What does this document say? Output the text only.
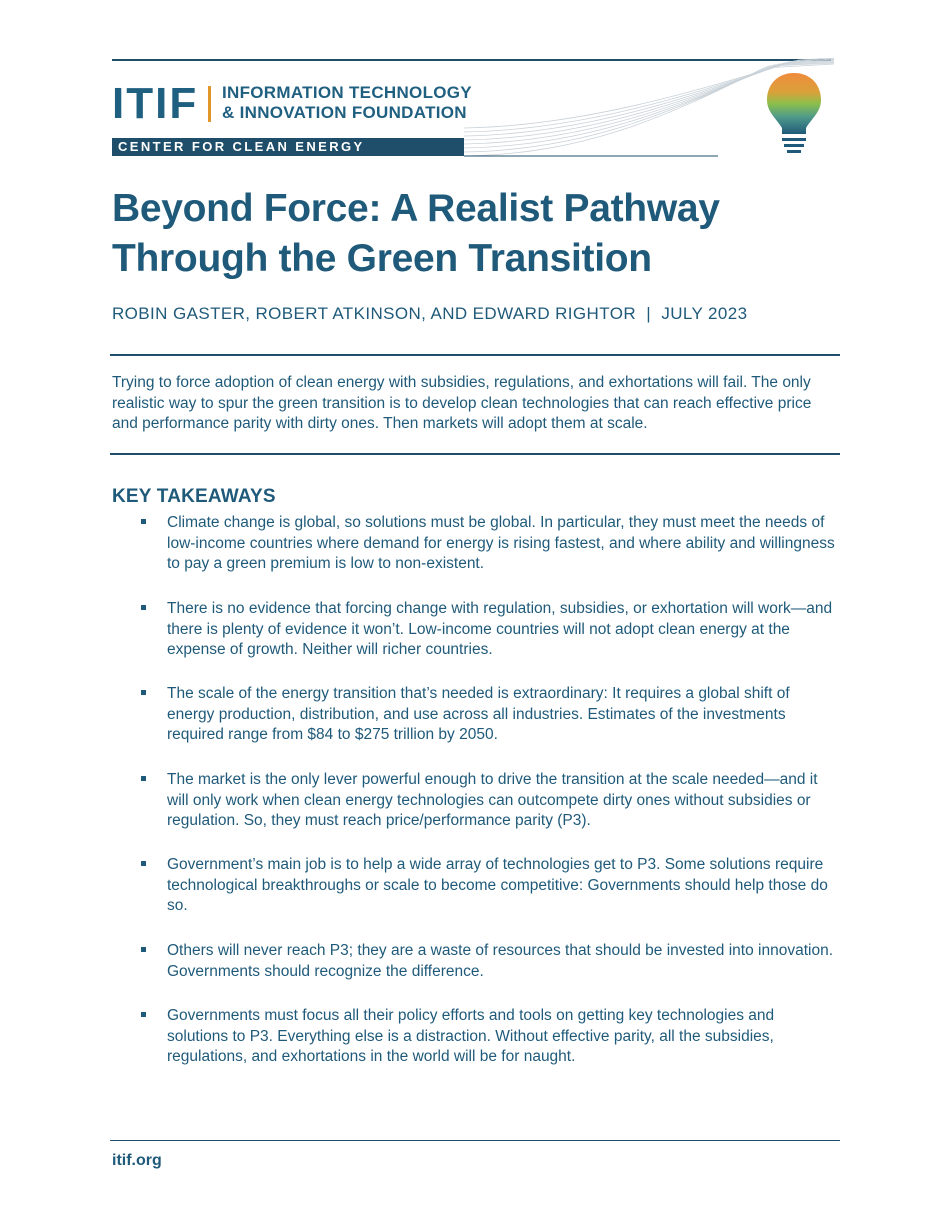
ITIF INFORMATION TECHNOLOGY
& INNOVATION FOUNDATION
CENTER FOR CLEAN ENERGY INNOVATION
Beyond Force: A Realist Pathway
Through the Green Transition
ROBIN GASTER, ROBERT ATKINSON, AND EDWARD RIGHTOR  |  JULY 2023

Trying to force adoption of clean energy with subsidies, regulations, and exhortations will fail. The only realistic way to spur the green transition is to develop clean technologies that can reach effective price and performance parity with dirty ones. Then markets will adopt them at scale.

KEY TAKEAWAYS
Climate change is global, so solutions must be global. In particular, they must meet the needs of low-income countries where demand for energy is rising fastest, and where ability and willingness to pay a green premium is low to non-existent.
There is no evidence that forcing change with regulation, subsidies, or exhortation will work—and there is plenty of evidence it won’t. Low-income countries will not adopt clean energy at the expense of growth. Neither will richer countries.
The scale of the energy transition that’s needed is extraordinary: It requires a global shift of energy production, distribution, and use across all industries. Estimates of the investments required range from $84 to $275 trillion by 2050.
The market is the only lever powerful enough to drive the transition at the scale needed—and it will only work when clean energy technologies can outcompete dirty ones without subsidies or regulation. So, they must reach price/performance parity (P3).
Government’s main job is to help a wide array of technologies get to P3. Some solutions require technological breakthroughs or scale to become competitive: Governments should help those do so.
Others will never reach P3; they are a waste of resources that should be invested into innovation. Governments should recognize the difference.
Governments must focus all their policy efforts and tools on getting key technologies and solutions to P3. Everything else is a distraction. Without effective parity, all the subsidies, regulations, and exhortations in the world will be for naught.
itif.org
